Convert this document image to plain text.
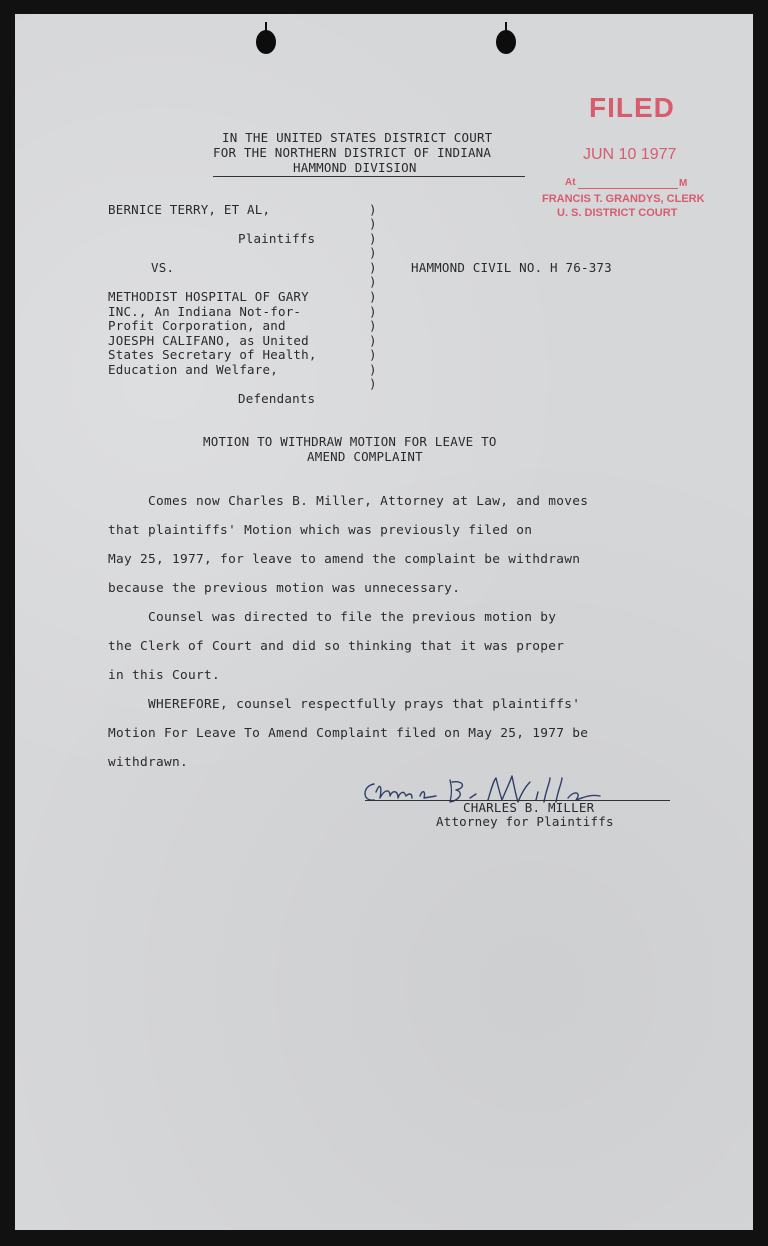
IN THE UNITED STATES DISTRICT COURT
FOR THE NORTHERN DISTRICT OF INDIANA
HAMMOND DIVISION
FILED
JUN 10 1977
At	M
FRANCIS T. GRANDYS, CLERK
U. S. DISTRICT COURT
BERNICE TERRY, ET AL,
Plaintiffs
VS.
METHODIST HOSPITAL OF GARY
INC., An Indiana Not-for-
Profit Corporation, and
JOESPH CALIFANO, as United
States Secretary of Health,
Education and Welfare,
Defendants
)
)
)
)
)
)
)
)
)
)
)
)
)
HAMMOND CIVIL NO. H 76-373
MOTION TO WITHDRAW MOTION FOR LEAVE TO
AMEND COMPLAINT
Comes now Charles B. Miller, Attorney at Law, and moves
that plaintiffs' Motion which was previously filed on
May 25, 1977, for leave to amend the complaint be withdrawn
because the previous motion was unnecessary.
Counsel was directed to file the previous motion by
the Clerk of Court and did so thinking that it was proper
in this Court.
WHEREFORE, counsel respectfully prays that plaintiffs'
Motion For Leave To Amend Complaint filed on May 25, 1977 be
withdrawn.
CHARLES B. MILLER
Attorney for Plaintiffs
